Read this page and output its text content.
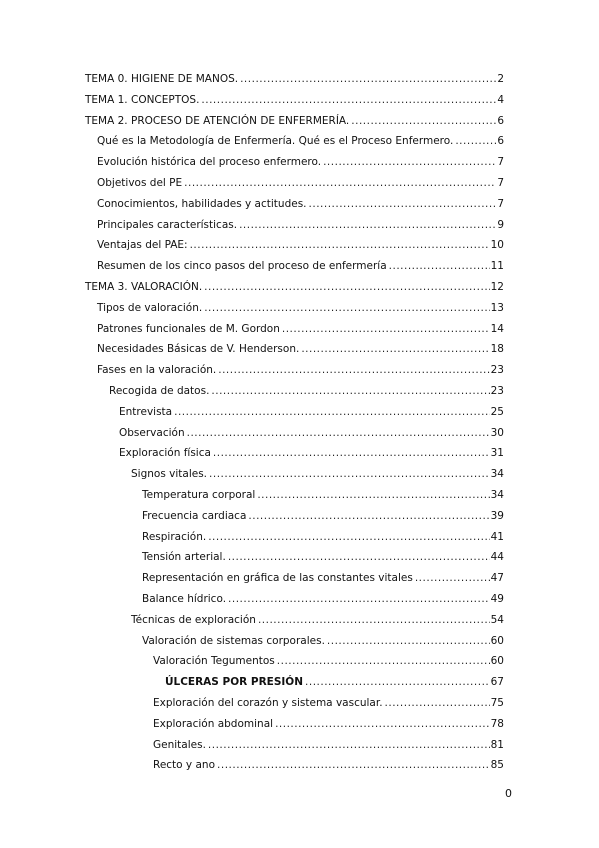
TEMA 0. HIGIENE DE MANOS. .....	2
TEMA 1. CONCEPTOS. .....	4
TEMA 2. PROCESO DE ATENCIÓN DE ENFERMERÍA. .....	6
Qué es la Metodología de Enfermería. Qué es el Proceso Enfermero. .....	6
Evolución histórica del proceso enfermero. .....	7
Objetivos del PE .....	7
Conocimientos, habilidades y actitudes. .....	7
Principales características. .....	9
Ventajas del PAE: .....	10
Resumen de los cinco pasos del proceso de enfermería .....	11
TEMA 3. VALORACIÓN. .....	12
Tipos de valoración. .....	13
Patrones funcionales de M. Gordon .....	14
Necesidades Básicas de V. Henderson. .....	18
Fases en la valoración. .....	23
Recogida de datos. .....	23
Entrevista .....	25
Observación .....	30
Exploración física .....	31
Signos vitales. .....	34
Temperatura corporal .....	34
Frecuencia cardiaca .....	39
Respiración. .....	41
Tensión arterial. .....	44
Representación en gráfica de las constantes vitales .....	47
Balance hídrico. .....	49
Técnicas de exploración .....	54
Valoración de sistemas corporales. .....	60
Valoración Tegumentos .....	60
ÚLCERAS POR PRESIÓN .....	67
Exploración del corazón y sistema vascular. .....	75
Exploración abdominal .....	78
Genitales. .....	81
Recto y ano .....	85
0
